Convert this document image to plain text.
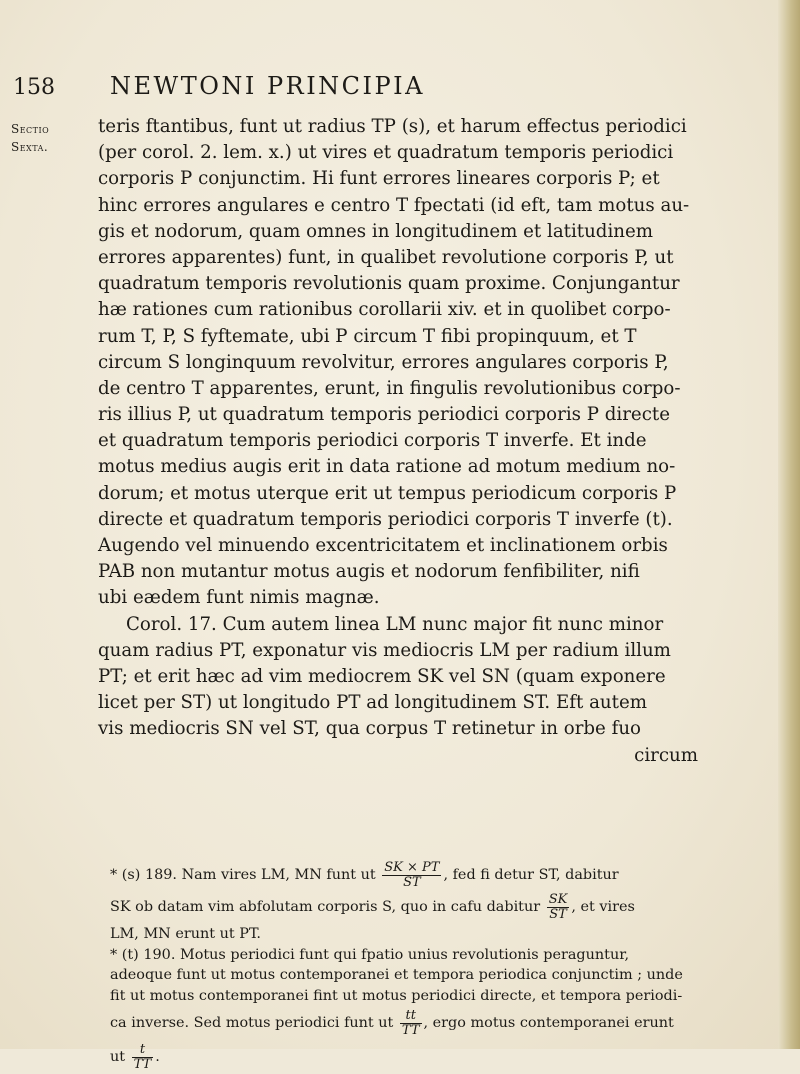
158 NEWTONI PRINCIPIA
Sectio
Sexta.
teris ftantibus, funt ut radius TP (s), et harum effectus periodici
(per corol. 2. lem. x.) ut vires et quadratum temporis periodici
corporis P conjunctim. Hi funt errores lineares corporis P; et
hinc errores angulares e centro T fpectati (id eft, tam motus au-
gis et nodorum, quam omnes in longitudinem et latitudinem
errores apparentes) funt, in qualibet revolutione corporis P, ut
quadratum temporis revolutionis quam proxime. Conjungantur
hæ rationes cum rationibus corollarii xiv. et in quolibet corpo-
rum T, P, S fyftemate, ubi P circum T fibi propinquum, et T
circum S longinquum revolvitur, errores angulares corporis P,
de centro T apparentes, erunt, in fingulis revolutionibus corpo-
ris illius P, ut quadratum temporis periodici corporis P directe
et quadratum temporis periodici corporis T inverfe. Et inde
motus medius augis erit in data ratione ad motum medium no-
dorum; et motus uterque erit ut tempus periodicum corporis P
directe et quadratum temporis periodici corporis T inverfe (t).
Augendo vel minuendo excentricitatem et inclinationem orbis
PAB non mutantur motus augis et nodorum fenfibiliter, nifi
ubi eædem funt nimis magnæ.
Corol. 17. Cum autem linea LM nunc major fit nunc minor
quam radius PT, exponatur vis mediocris LM per radium illum
PT; et erit hæc ad vim mediocrem SK vel SN (quam exponere
licet per ST) ut longitudo PT ad longitudinem ST. Eft autem
vis mediocris SN vel ST, qua corpus T retinetur in orbe fuo
circum
* (s) 189. Nam vires LM, MN funt ut $\frac{SK \times PT}{ST}$ , fed fi detur ST, dabitur
SK ob datam vim abfolutam corporis S, quo in cafu dabitur $\frac{SK}{ST}$ , et vires
LM, MN erunt ut PT.
* (t) 190. Motus periodici funt qui fpatio unius revolutionis peraguntur,
adeoque funt ut motus contemporanei et tempora periodica conjunctim ; unde
fit ut motus contemporanei fint ut motus periodici directe, et tempora periodi-
ca inverse. Sed motus periodici funt ut $\frac{tt}{TT}$ , ergo motus contemporanei erunt
ut $\frac{t}{TT}$ .
